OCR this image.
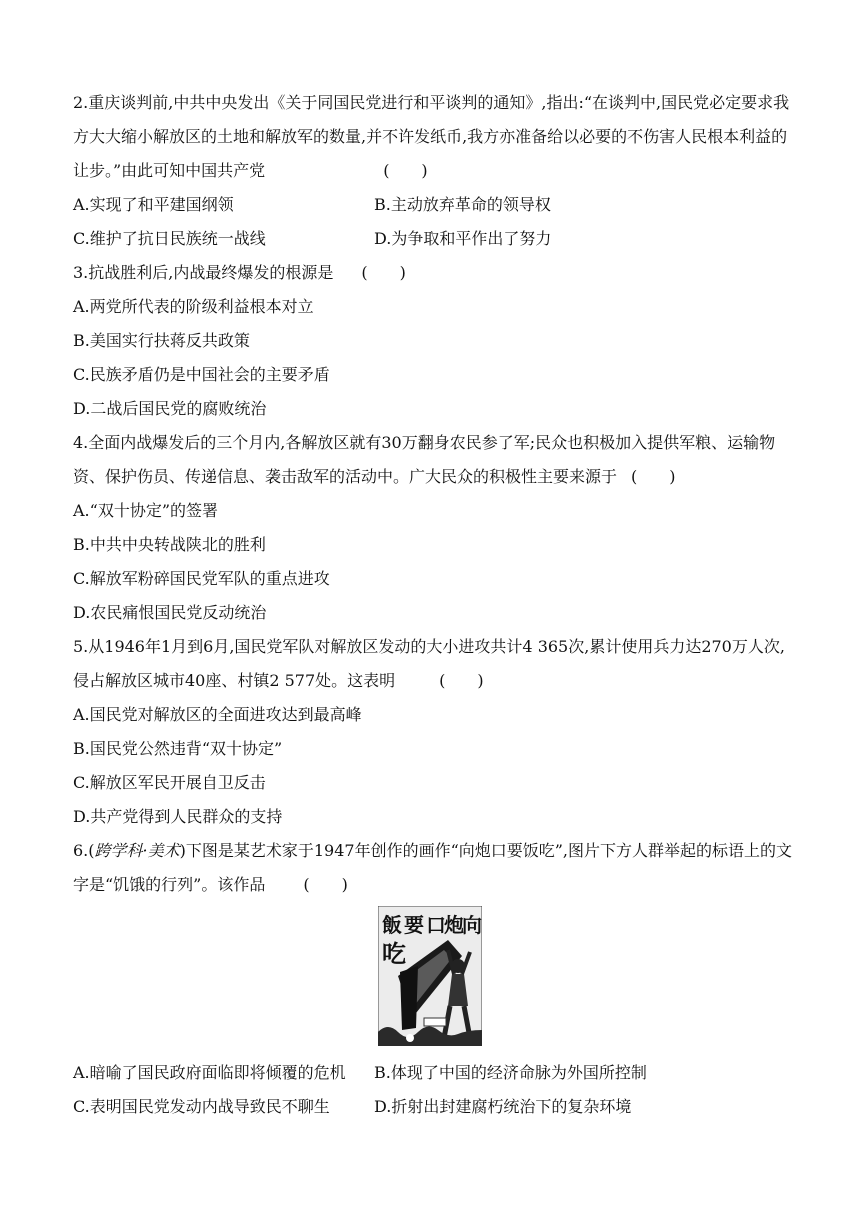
2.重庆谈判前,中共中央发出《关于同国民党进行和平谈判的通知》,指出:“在谈判中,国民党必定要求我方大大缩小解放区的土地和解放军的数量,并不许发纸币,我方亦准备给以必要的不伤害人民根本利益的让步。”由此可知中国共产党	(　　)

A.实现了和平建国纲领	B.主动放弃革命的领导权

C.维护了抗日民族统一战线	D.为争取和平作出了努力

3.抗战胜利后,内战最终爆发的根源是 (　　)

A.两党所代表的阶级利益根本对立

B.美国实行扶蒋反共政策

C.民族矛盾仍是中国社会的主要矛盾

D.二战后国民党的腐败统治

4.全面内战爆发后的三个月内,各解放区就有30万翻身农民参了军;民众也积极加入提供军粮、运输物资、保护伤员、传递信息、袭击敌军的活动中。广大民众的积极性主要来源于 (　　)

A.“双十协定”的签署

B.中共中央转战陕北的胜利

C.解放军粉碎国民党军队的重点进攻

D.农民痛恨国民党反动统治

5.从1946年1月到6月,国民党军队对解放区发动的大小进攻共计4 365次,累计使用兵力达270万人次,侵占解放区城市40座、村镇2 577处。这表明	(　　)

A.国民党对解放区的全面进攻达到最高峰

B.国民党公然违背“双十协定”

C.解放区军民开展自卫反击

D.共产党得到人民群众的支持

6.(跨学科·美术)下图是某艺术家于1947年创作的画作“向炮口要饭吃”,图片下方人群举起的标语上的文字是“饥饿的行列”。该作品 (　　)

飯 要 口
炮
向
吃

A.暗喻了国民政府面临即将倾覆的危机 B.体现了中国的经济命脉为外国所控制

C.表明国民党发动内战导致民不聊生	D.折射出封建腐朽统治下的复杂环境
